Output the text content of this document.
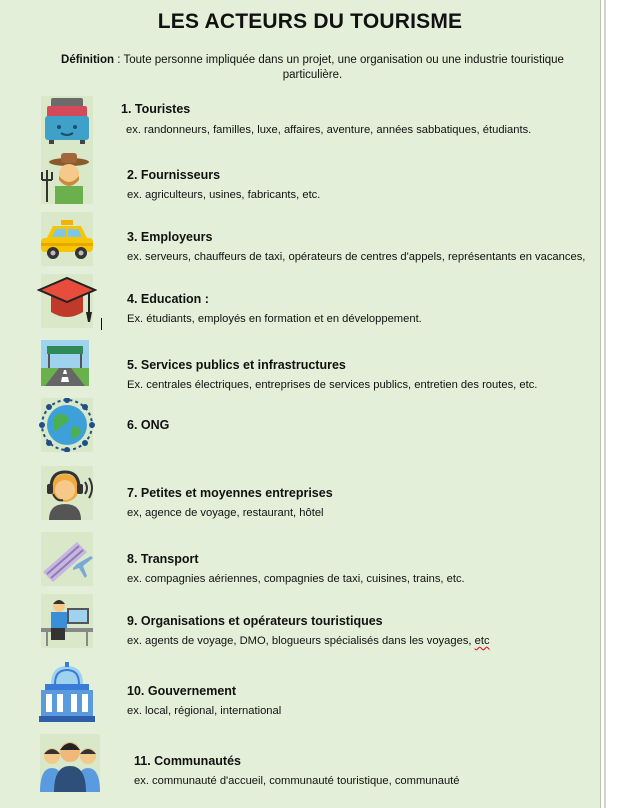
LES ACTEURS DU TOURISME
Définition : Toute personne impliquée dans un projet, une organisation ou une industrie touristique particulière.
1. Touristes
ex. randonneurs, familles, luxe, affaires, aventure, années sabbatiques, étudiants.
2. Fournisseurs
ex. agriculteurs, usines, fabricants, etc.
3. Employeurs
ex. serveurs, chauffeurs de taxi, opérateurs de centres d'appels, représentants en vacances,
4. Education :
Ex. étudiants, employés en formation et en développement.
5. Services publics et infrastructures
Ex. centrales électriques, entreprises de services publics, entretien des routes, etc.
6. ONG
7. Petites et moyennes entreprises
ex, agence de voyage, restaurant, hôtel
8. Transport
ex. compagnies aériennes, compagnies de taxi, cuisines, trains, etc.
9. Organisations et opérateurs touristiques
ex. agents de voyage, DMO, blogueurs spécialisés dans les voyages, etc
10. Gouvernement
ex. local, régional, international
11. Communautés
ex. communauté d'accueil, communauté touristique, communauté
